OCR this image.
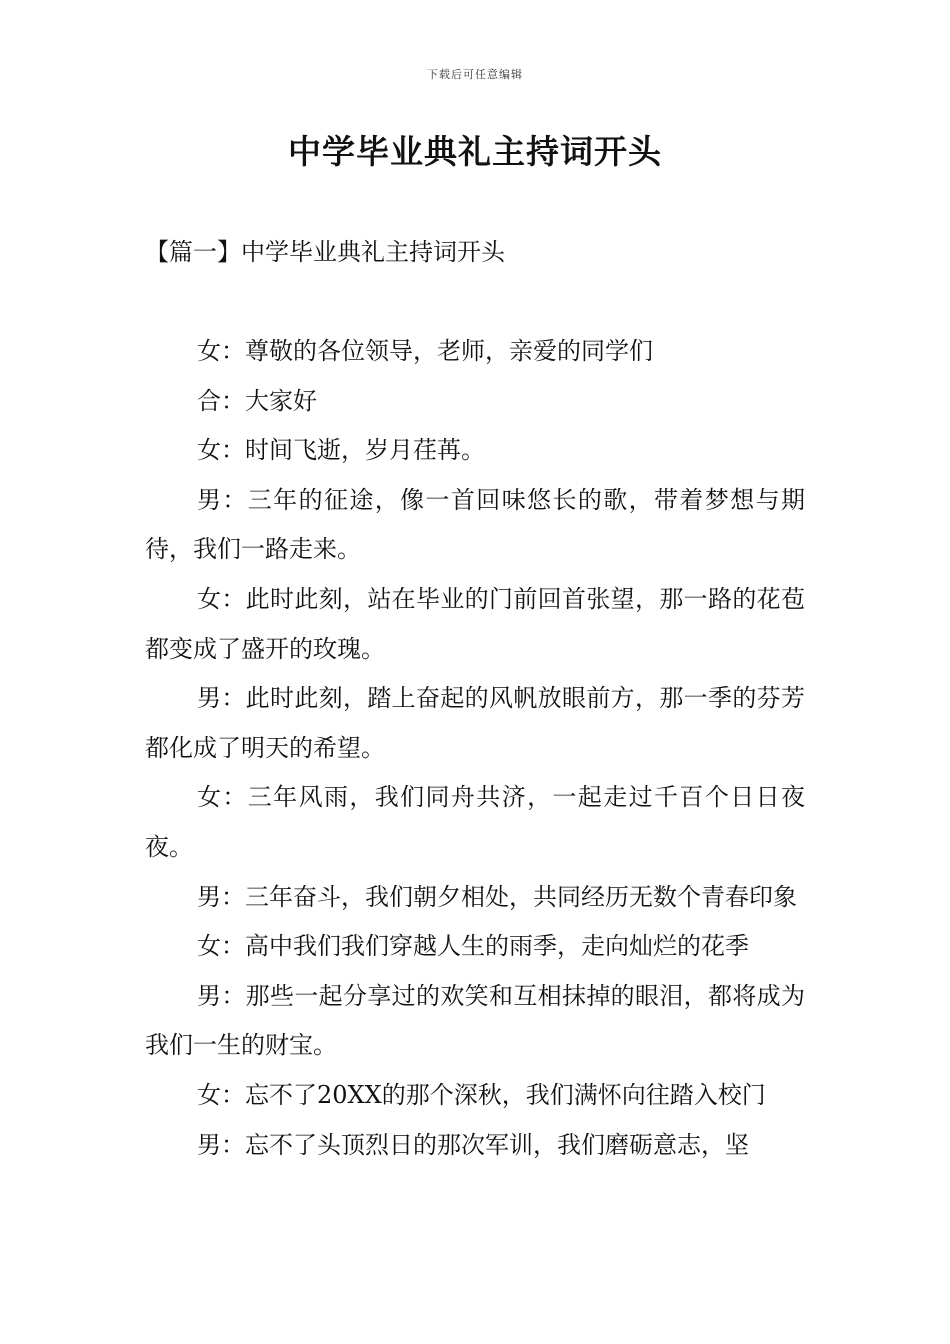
下载后可任意编辑
中学毕业典礼主持词开头
【篇一】中学毕业典礼主持词开头

女：尊敬的各位领导，老师，亲爱的同学们

合：大家好

女：时间飞逝，岁月荏苒。

男：三年的征途，像一首回味悠长的歌，带着梦想与期待，我们一路走来。

女：此时此刻，站在毕业的门前回首张望，那一路的花苞都变成了盛开的玫瑰。

男：此时此刻，踏上奋起的风帆放眼前方，那一季的芬芳都化成了明天的希望。

女：三年风雨，我们同舟共济，一起走过千百个日日夜夜。

男：三年奋斗，我们朝夕相处，共同经历无数个青春印象

女：高中我们我们穿越人生的雨季，走向灿烂的花季

男：那些一起分享过的欢笑和互相抹掉的眼泪，都将成为我们一生的财宝。

女：忘不了20XX的那个深秋，我们满怀向往踏入校门

男：忘不了头顶烈日的那次军训，我们磨砺意志，坚
